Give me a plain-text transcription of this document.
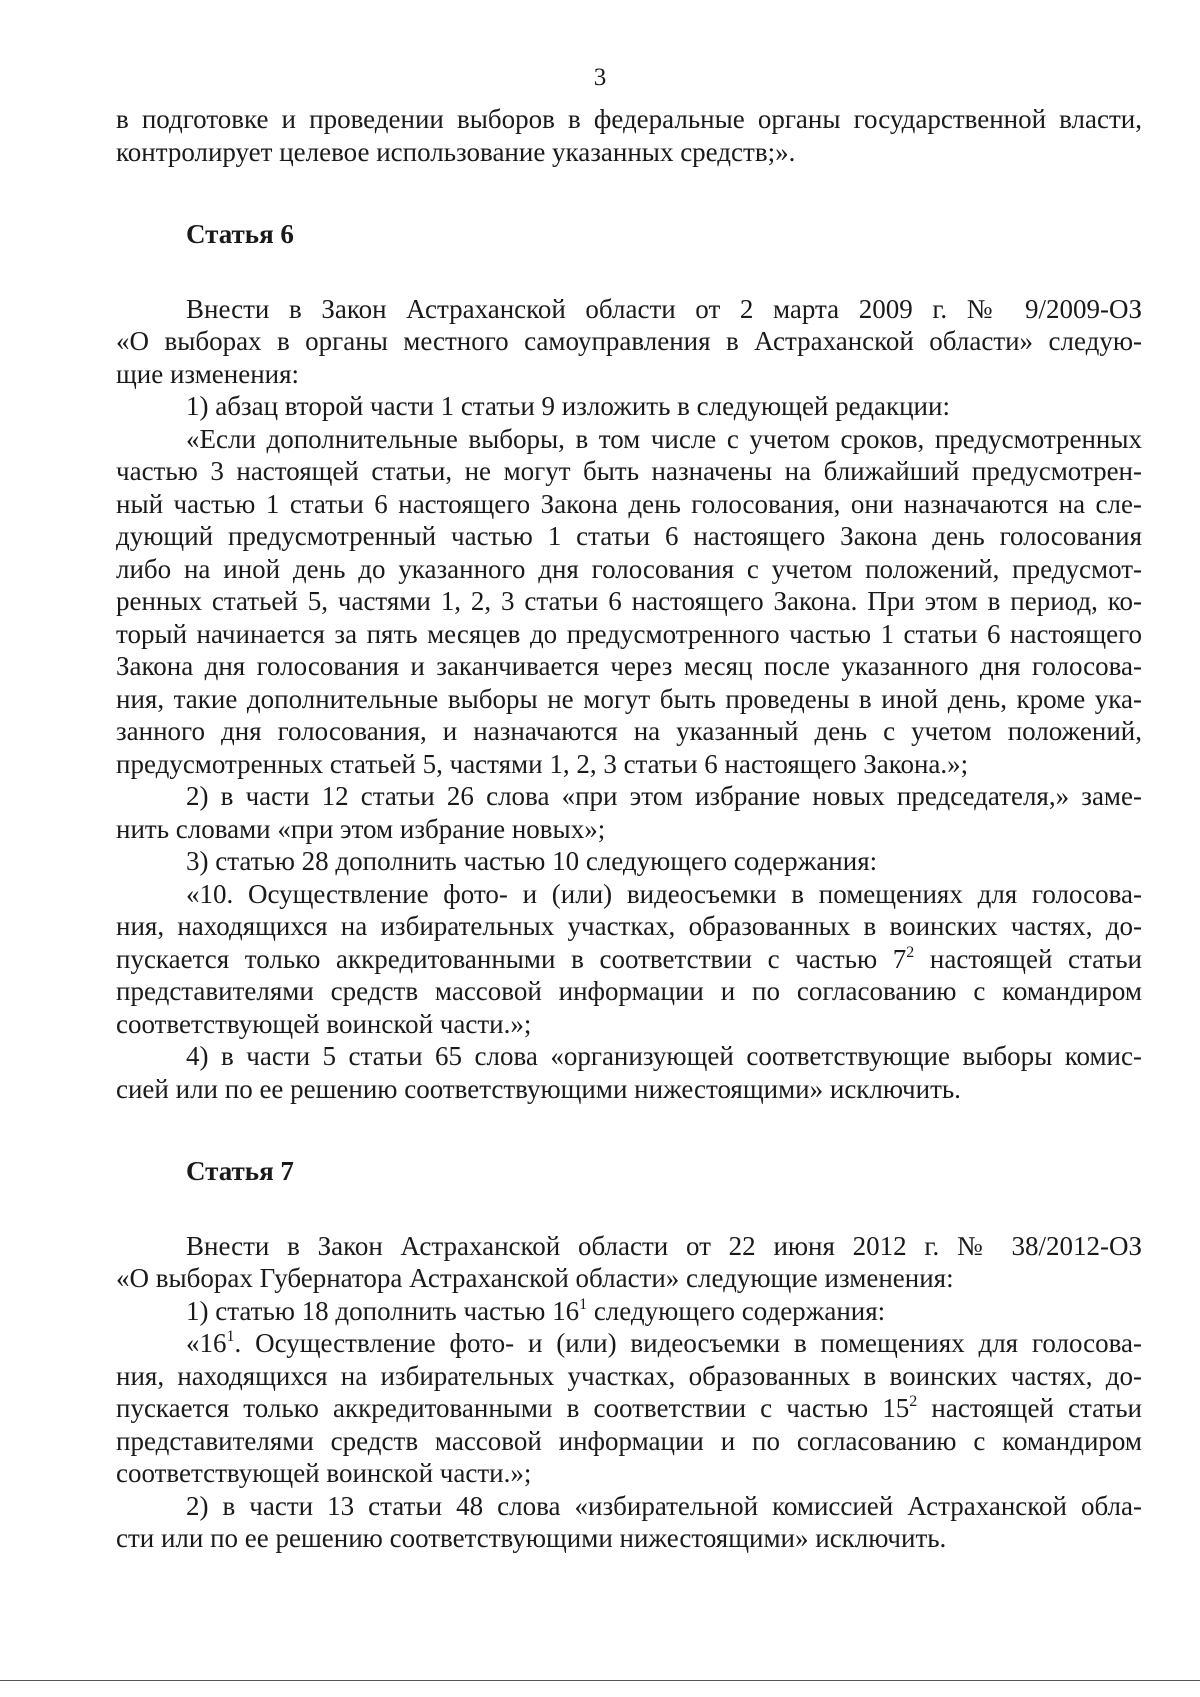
3
в подготовке и проведении выборов в федеральные органы государственной власти,
контролирует целевое использование указанных средств;».
Статья 6
Внести в Закон Астраханской области от 2 марта 2009 г. № 9/2009-ОЗ
«О выборах в органы местного самоуправления в Астраханской области» следую-
щие изменения:
1) абзац второй части 1 статьи 9 изложить в следующей редакции:
«Если дополнительные выборы, в том числе с учетом сроков, предусмотренных
частью 3 настоящей статьи, не могут быть назначены на ближайший предусмотрен-
ный частью 1 статьи 6 настоящего Закона день голосования, они назначаются на сле-
дующий предусмотренный частью 1 статьи 6 настоящего Закона день голосования
либо на иной день до указанного дня голосования с учетом положений, предусмот-
ренных статьей 5, частями 1, 2, 3 статьи 6 настоящего Закона. При этом в период, ко-
торый начинается за пять месяцев до предусмотренного частью 1 статьи 6 настоящего
Закона дня голосования и заканчивается через месяц после указанного дня голосова-
ния, такие дополнительные выборы не могут быть проведены в иной день, кроме ука-
занного дня голосования, и назначаются на указанный день с учетом положений,
предусмотренных статьей 5, частями 1, 2, 3 статьи 6 настоящего Закона.»;
2) в части 12 статьи 26 слова «при этом избрание новых председателя,» заме-
нить словами «при этом избрание новых»;
3) статью 28 дополнить частью 10 следующего содержания:
«10. Осуществление фото- и (или) видеосъемки в помещениях для голосова-
ния, находящихся на избирательных участках, образованных в воинских частях, до-
пускается только аккредитованными в соответствии с частью $7^2$ настоящей статьи
представителями средств массовой информации и по согласованию с командиром
соответствующей воинской части.»;
4) в части 5 статьи 65 слова «организующей соответствующие выборы комис-
сией или по ее решению соответствующими нижестоящими» исключить.
Статья 7
Внести в Закон Астраханской области от 22 июня 2012 г. № 38/2012-ОЗ
«О выборах Губернатора Астраханской области» следующие изменения:
1) статью 18 дополнить частью $16^1$ следующего содержания:
«$16^1$. Осуществление фото- и (или) видеосъемки в помещениях для голосова-
ния, находящихся на избирательных участках, образованных в воинских частях, до-
пускается только аккредитованными в соответствии с частью $15^2$ настоящей статьи
представителями средств массовой информации и по согласованию с командиром
соответствующей воинской части.»;
2) в части 13 статьи 48 слова «избирательной комиссией Астраханской обла-
сти или по ее решению соответствующими нижестоящими» исключить.
